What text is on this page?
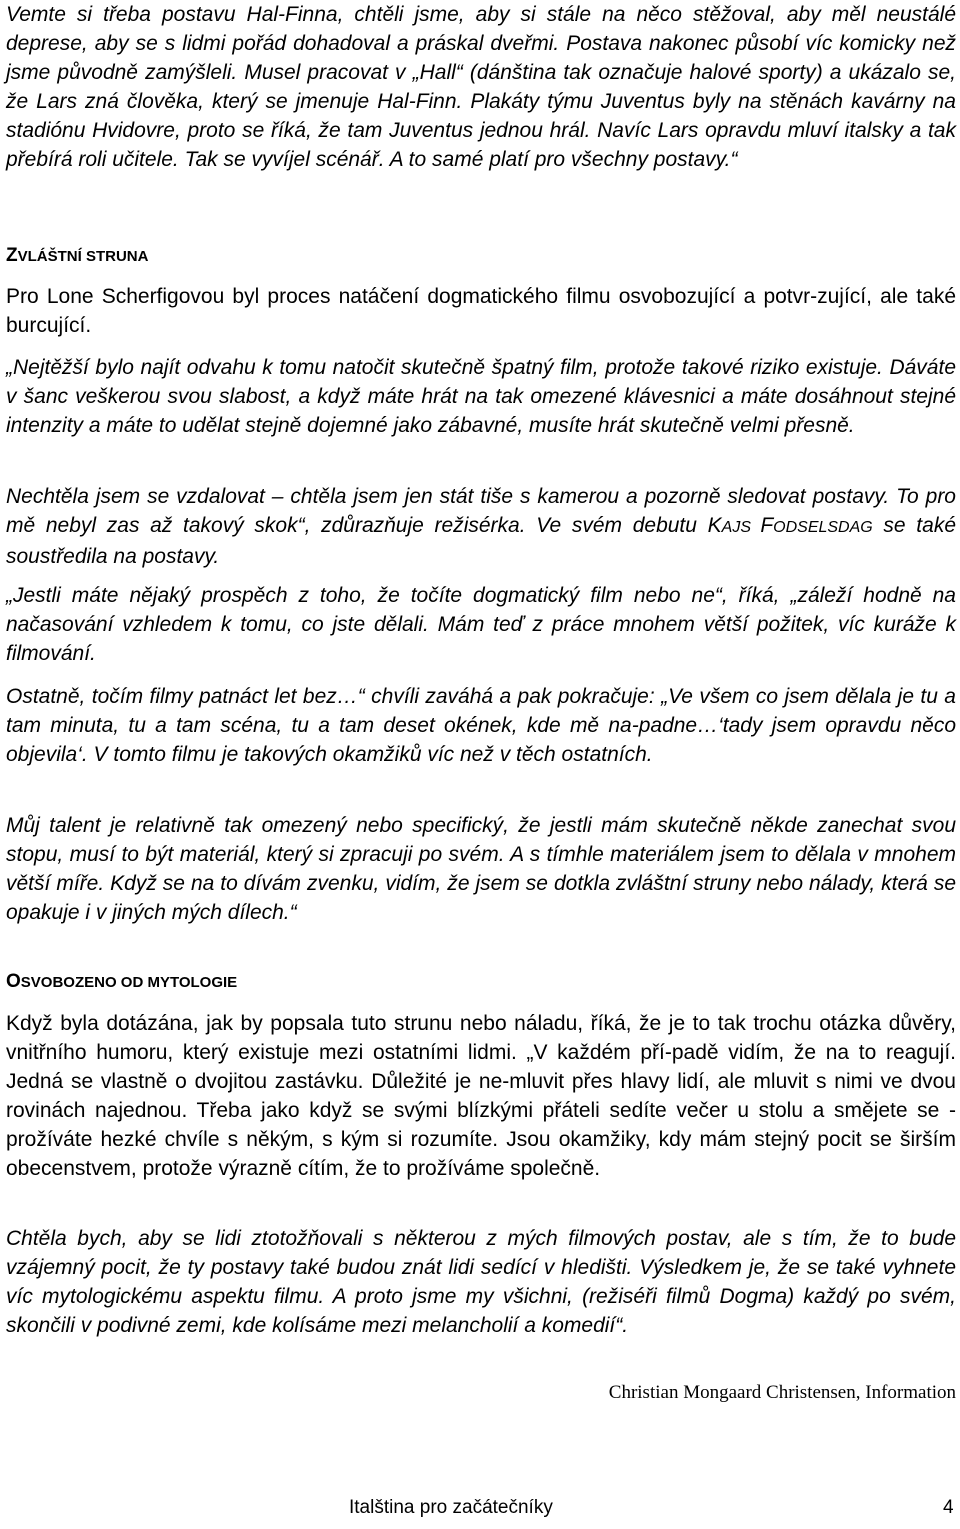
Vemte si třeba postavu Hal-Finna, chtěli jsme, aby si stále na něco stěžoval, aby měl neustálé deprese, aby se s lidmi pořád dohadoval a práskal dveřmi. Postava nakonec působí víc komicky než jsme původně zamýšleli. Musel pracovat v „Hall“ (dánština tak označuje halové sporty) a ukázalo se, že Lars zná člověka, který se jmenuje Hal-Finn. Plakáty týmu Juventus byly na stěnách kavárny na stadiónu Hvidovre, proto se říká, že tam Juventus jednou hrál. Navíc Lars opravdu mluví italsky a tak přebírá roli učitele. Tak se vyvíjel scénář. A to samé platí pro všechny postavy.“

ZVLÁŠTNÍ STRUNA

Pro Lone Scherfigovou byl proces natáčení dogmatického filmu osvobozující a potvr-zující, ale také burcující.

„Nejtěžší bylo najít odvahu k tomu natočit skutečně špatný film, protože takové riziko existuje. Dáváte v šanc veškerou svou slabost, a když máte hrát na tak omezené klávesnici a máte dosáhnout stejné intenzity a máte to udělat stejně dojemné jako zábavné, musíte hrát skutečně velmi přesně.

Nechtěla jsem se vzdalovat – chtěla jsem jen stát tiše s kamerou a pozorně sledovat postavy. To pro mě nebyl zas až takový skok“, zdůrazňuje režisérka. Ve svém debutu KAJS FODSELSDAG se také soustředila na postavy.

„Jestli máte nějaký prospěch z toho, že točíte dogmatický film nebo ne“, říká, „záleží hodně na načasování vzhledem k tomu, co jste dělali. Mám teď z práce mnohem větší požitek, víc kuráže k filmování.

Ostatně, točím filmy patnáct let bez…“ chvíli zaváhá a pak pokračuje: „Ve všem co jsem dělala je tu a tam minuta, tu a tam scéna, tu a tam deset okének, kde mě na-padne…‘tady jsem opravdu něco objevila‘. V tomto filmu je takových okamžiků víc než v těch ostatních.

Můj talent je relativně tak omezený nebo specifický, že jestli mám skutečně někde zanechat svou stopu, musí to být materiál, který si zpracuji po svém. A s tímhle materiálem jsem to dělala v mnohem větší míře. Když se na to dívám zvenku, vidím, že jsem se dotkla zvláštní struny nebo nálady, která se opakuje i v jiných mých dílech.“

OSVOBOZENO OD MYTOLOGIE

Když byla dotázána, jak by popsala tuto strunu nebo náladu, říká, že je to tak trochu otázka důvěry, vnitřního humoru, který existuje mezi ostatními lidmi. „V každém pří-padě vidím, že na to reagují. Jedná se vlastně o dvojitou zastávku. Důležité je ne-mluvit přes hlavy lidí, ale mluvit s nimi ve dvou rovinách najednou. Třeba jako když se svými blízkými přáteli sedíte večer u stolu a smějete se - prožíváte hezké chvíle s někým, s kým si rozumíte. Jsou okamžiky, kdy mám stejný pocit se širším obecenstvem, protože výrazně cítím, že to prožíváme společně.

Chtěla bych, aby se lidi ztotožňovali s některou z mých filmových postav, ale s tím, že to bude vzájemný pocit, že ty postavy také budou znát lidi sedící v hledišti. Výsledkem je, že se také vyhnete víc mytologickému aspektu filmu. A proto jsme my všichni, (režiséři filmů Dogma) každý po svém, skončili v podivné zemi, kde kolísáme mezi melancholií a komedií“.

Christian Mongaard Christensen, Information

Italština pro začátečníky	4
